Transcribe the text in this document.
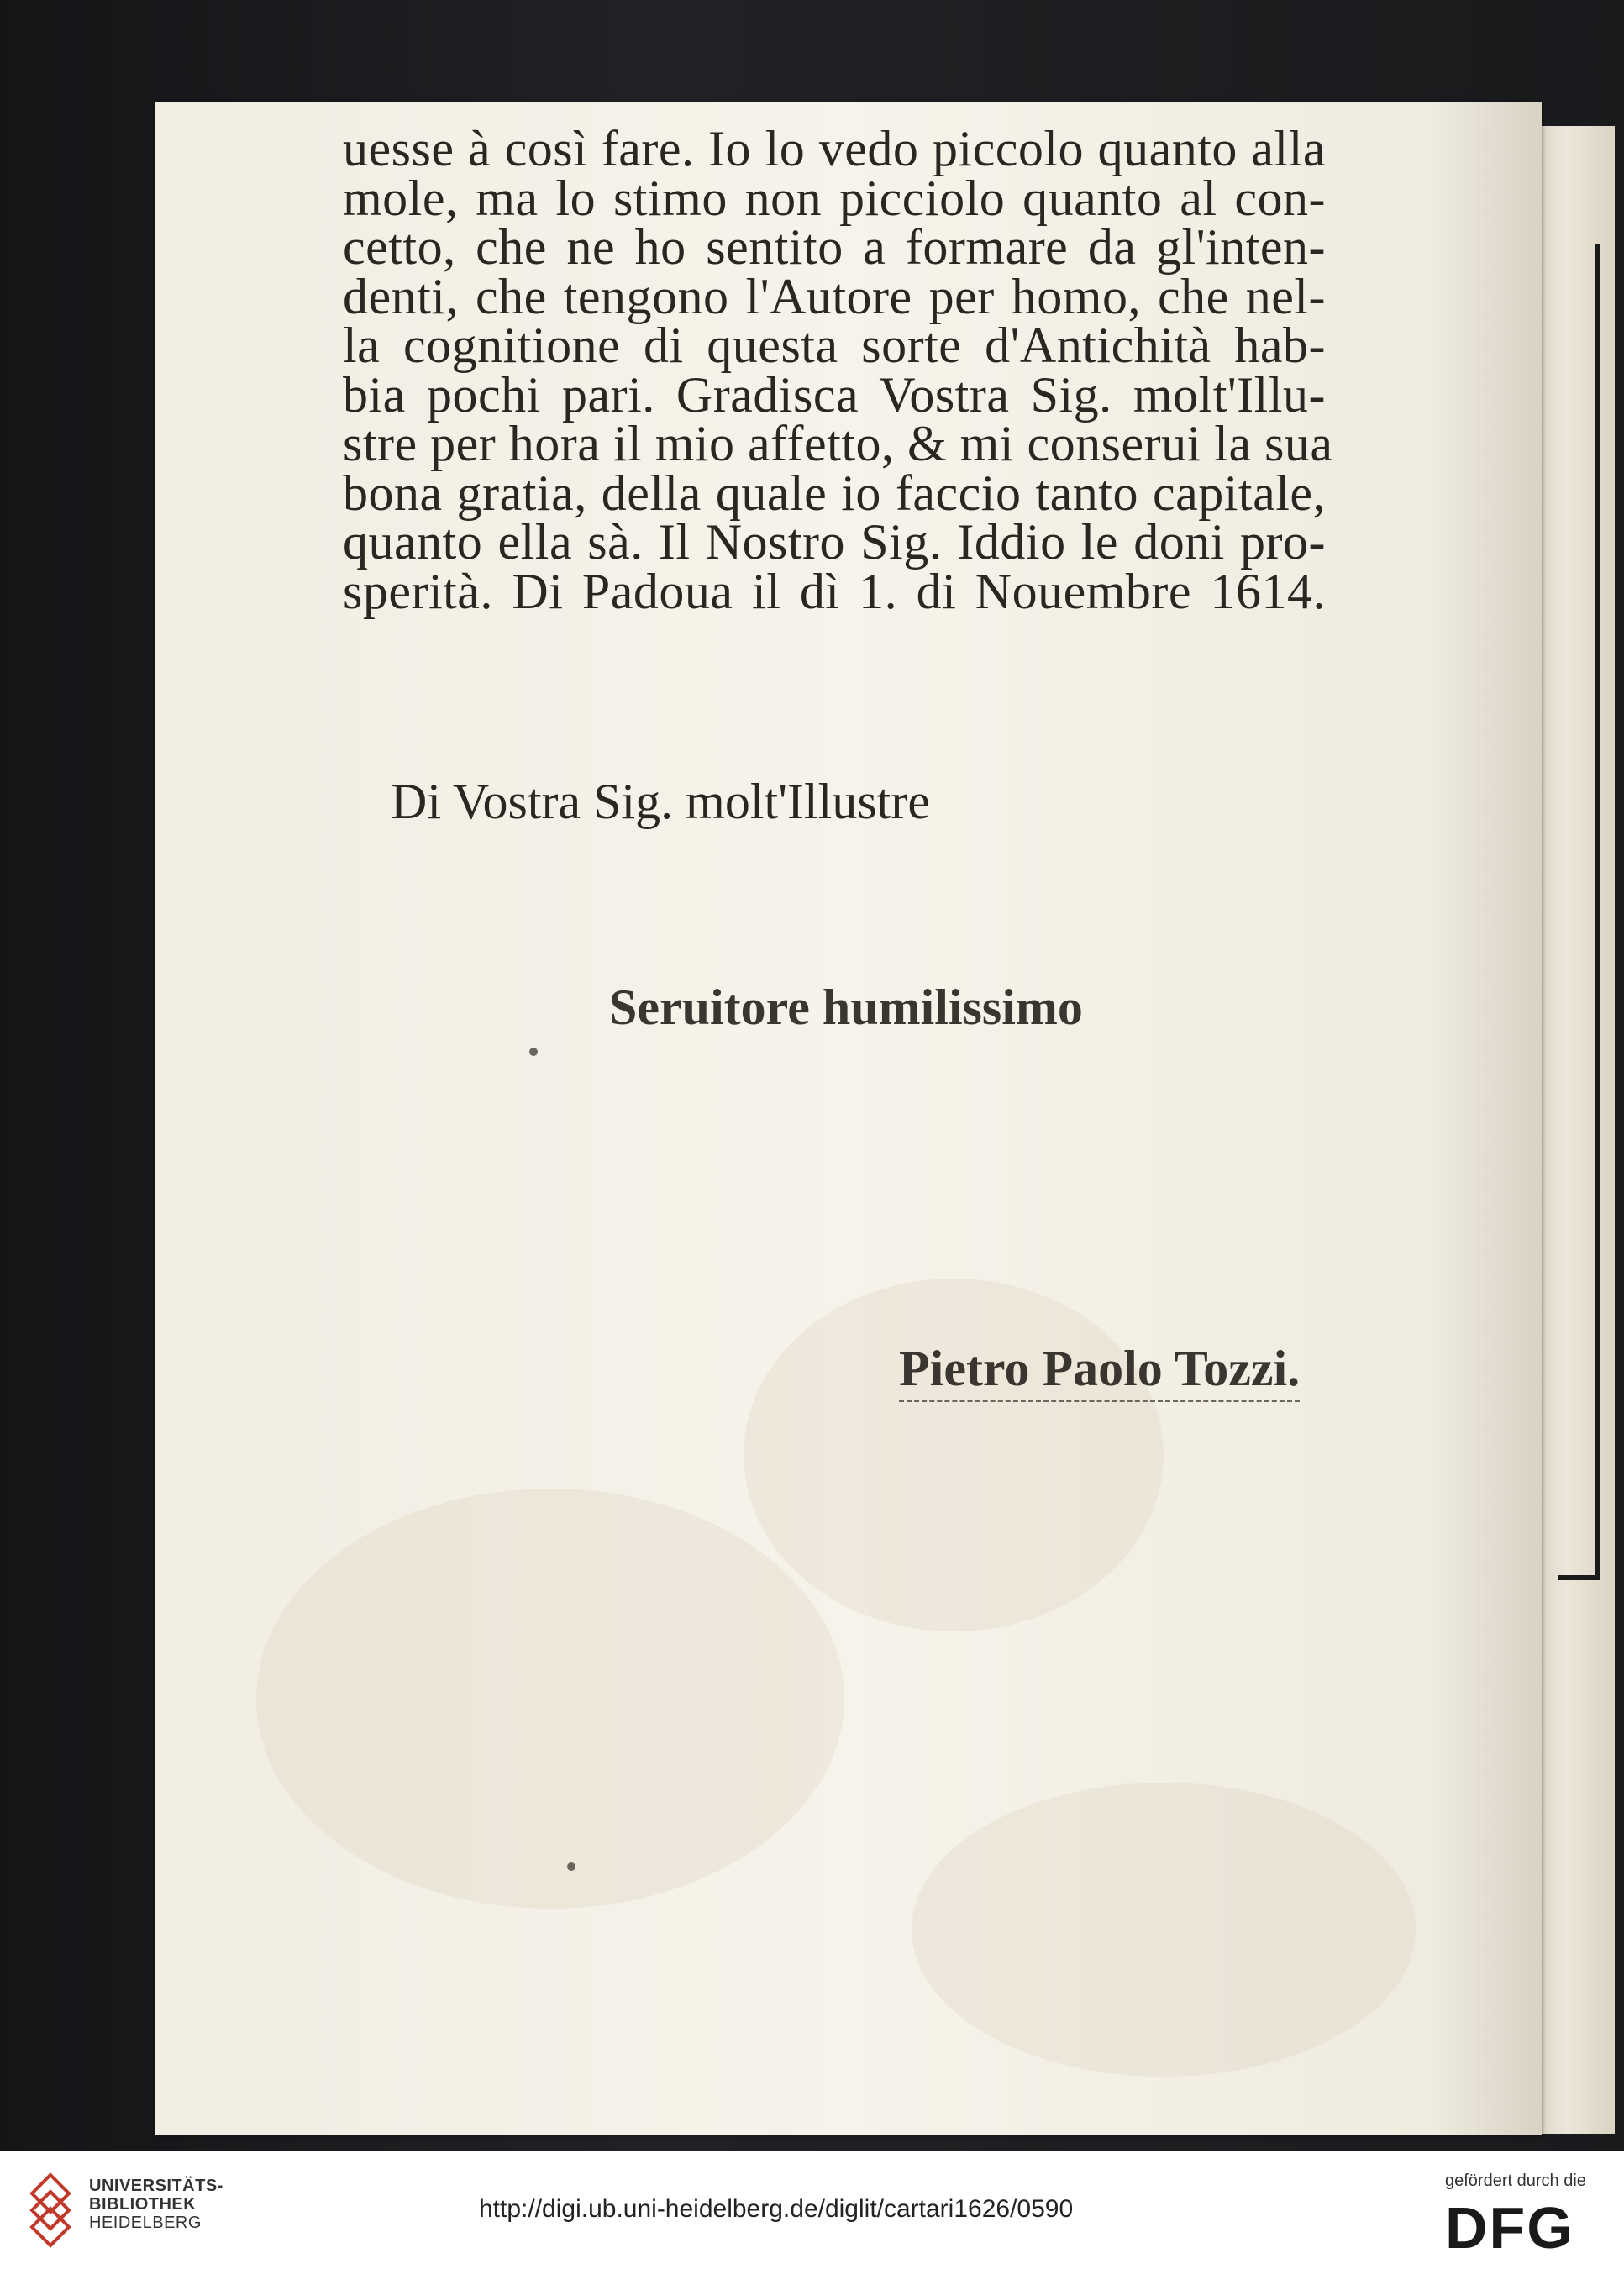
uesse à così fare. Io lo vedo piccolo quanto alla
mole, ma lo stimo non picciolo quanto al con-
cetto, che ne ho sentito a formare da gl'inten-
denti, che tengono l'Autore per homo, che nel-
la cognitione di questa sorte d'Antichità hab-
bia pochi pari. Gradisca Vostra Sig. molt'Illu-
stre per hora il mio affetto, & mi conserui la sua
bona gratia, della quale io faccio tanto capitale,
quanto ella sà. Il Nostro Sig. Iddio le doni pro-
sperità. Di Padoua il dì 1. di Nouembre 1614.
Di Vostra Sig. molt'Illustre
Seruitore humilissimo
Pietro Paolo Tozzi.
UNIVERSITÄTS-
BIBLIOTHEK
HEIDELBERG	http://digi.ub.uni-heidelberg.de/diglit/cartari1626/0590
gefördert durch die
DFG
